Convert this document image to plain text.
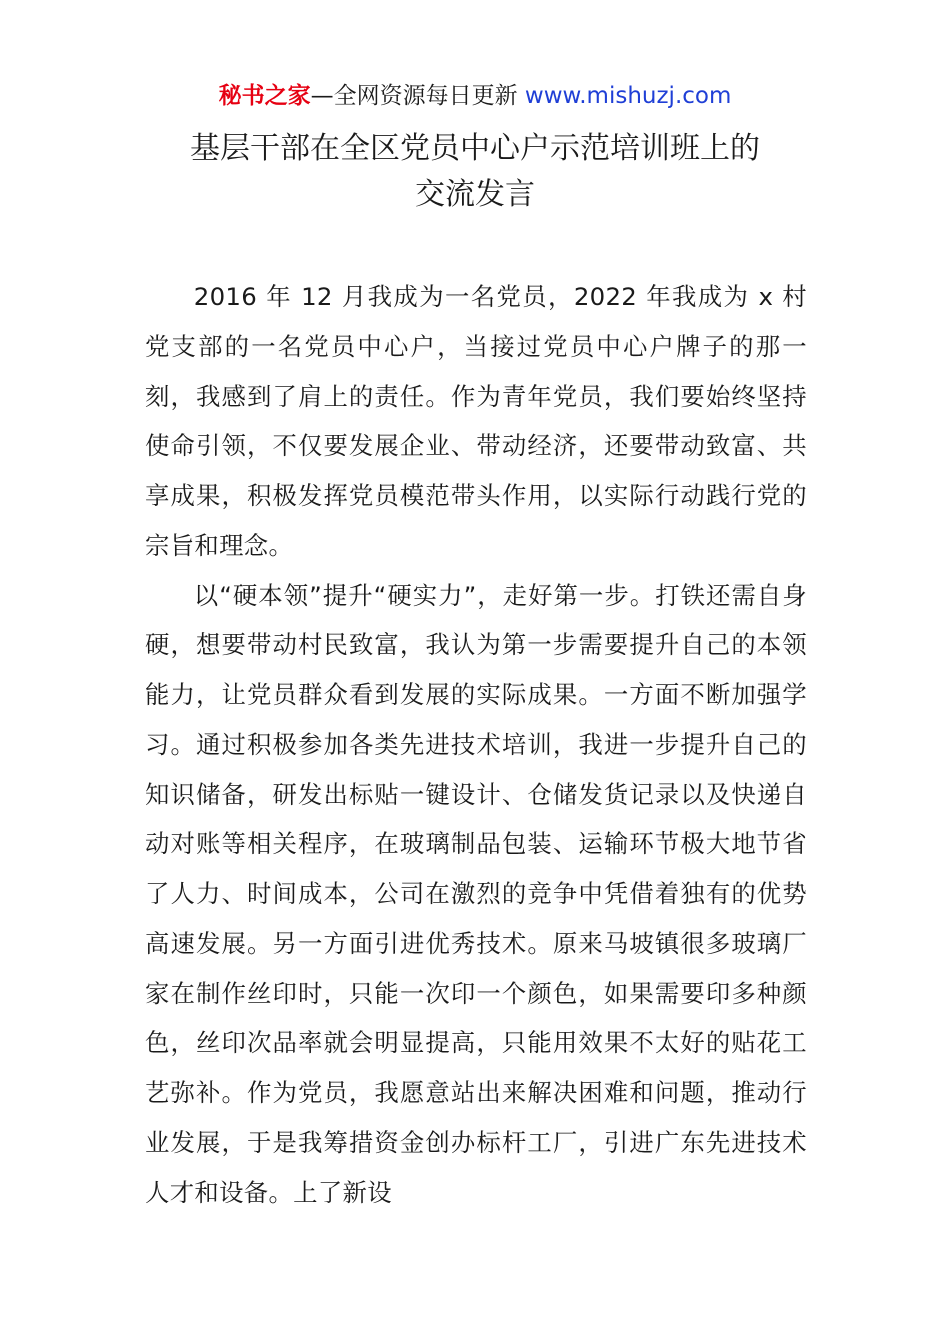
秘书之家—全网资源每日更新 www.mishuzj.com
基层干部在全区党员中心户示范培训班上的
交流发言

2016 年 12 月我成为一名党员，2022 年我成为 x 村党支部的一名党员中心户，当接过党员中心户牌子的那一刻，我感到了肩上的责任。作为青年党员，我们要始终坚持使命引领，不仅要发展企业、带动经济，还要带动致富、共享成果，积极发挥党员模范带头作用，以实际行动践行党的宗旨和理念。

以“硬本领”提升“硬实力”，走好第一步。打铁还需自身硬，想要带动村民致富，我认为第一步需要提升自己的本领能力，让党员群众看到发展的实际成果。一方面不断加强学习。通过积极参加各类先进技术培训，我进一步提升自己的知识储备，研发出标贴一键设计、仓储发货记录以及快递自动对账等相关程序，在玻璃制品包装、运输环节极大地节省了人力、时间成本，公司在激烈的竞争中凭借着独有的优势高速发展。另一方面引进优秀技术。原来马坡镇很多玻璃厂家在制作丝印时，只能一次印一个颜色，如果需要印多种颜色，丝印次品率就会明显提高，只能用效果不太好的贴花工艺弥补。作为党员，我愿意站出来解决困难和问题，推动行业发展，于是我筹措资金创办标杆工厂，引进广东先进技术人才和设备。上了新设
